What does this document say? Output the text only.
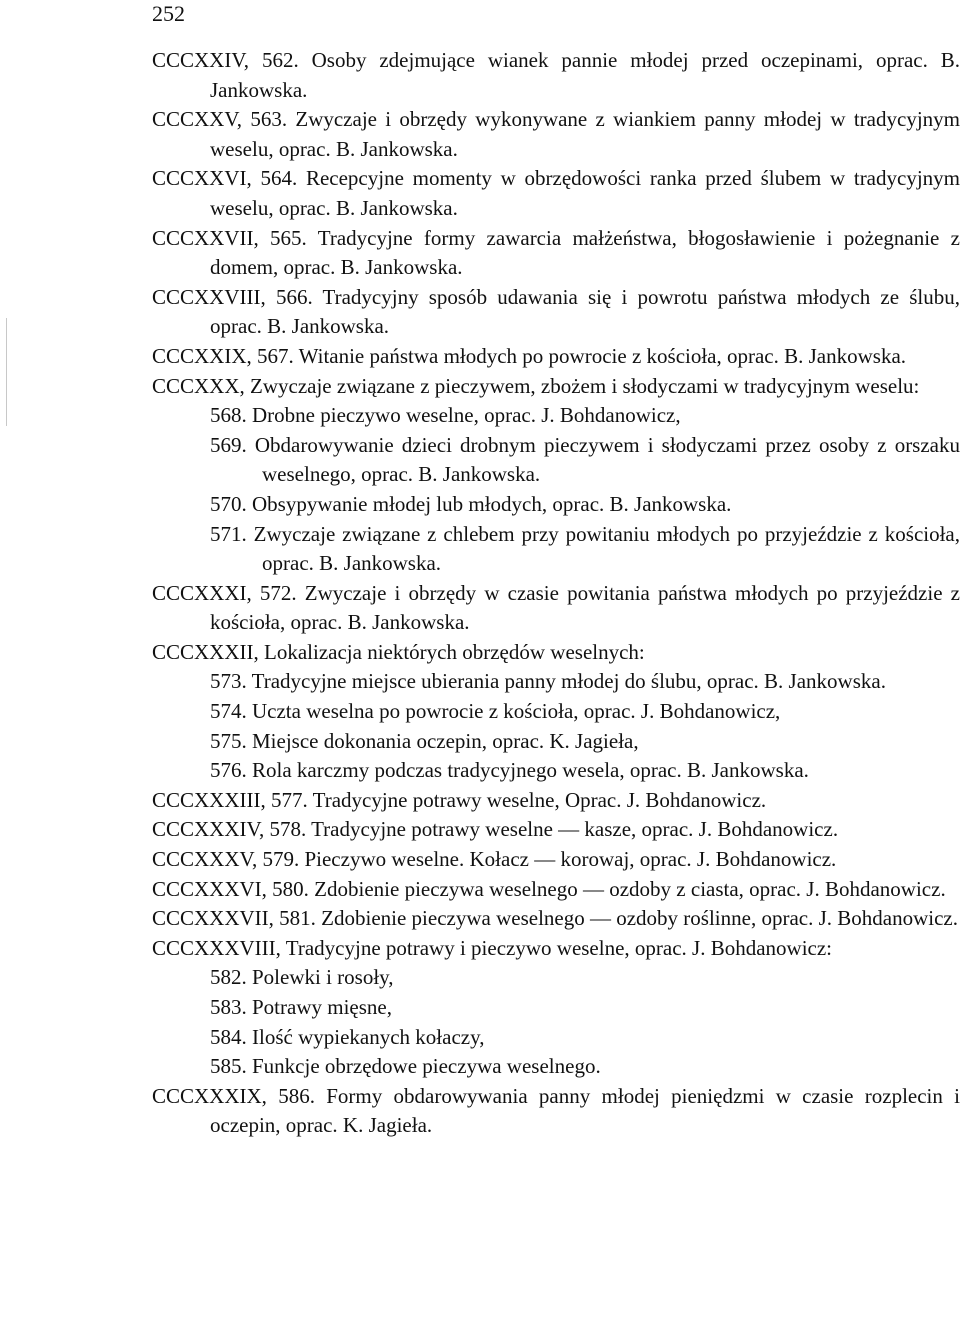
252

CCCXXIV, 562. Osoby zdejmujące wianek pannie młodej przed oczepinami, oprac. B. Jankowska.

CCCXXV, 563. Zwyczaje i obrzędy wykonywane z wiankiem panny młodej w tradycyjnym weselu, oprac. B. Jankowska.

CCCXXVI, 564. Recepcyjne momenty w obrzędowości ranka przed ślubem w tradycyjnym weselu, oprac. B. Jankowska.

CCCXXVII, 565. Tradycyjne formy zawarcia małżeństwa, błogosławienie i pożegnanie z domem, oprac. B. Jankowska.

CCCXXVIII, 566. Tradycyjny sposób udawania się i powrotu państwa młodych ze ślubu, oprac. B. Jankowska.

CCCXXIX, 567. Witanie państwa młodych po powrocie z kościoła, oprac. B. Jankowska.

CCCXXX, Zwyczaje związane z pieczywem, zbożem i słodyczami w tradycyjnym weselu:

568. Drobne pieczywo weselne, oprac. J. Bohdanowicz,

569. Obdarowywanie dzieci drobnym pieczywem i słodyczami przez osoby z orszaku weselnego, oprac. B. Jankowska.

570. Obsypywanie młodej lub młodych, oprac. B. Jankowska.

571. Zwyczaje związane z chlebem przy powitaniu młodych po przyjeździe z kościoła, oprac. B. Jankowska.

CCCXXXI, 572. Zwyczaje i obrzędy w czasie powitania państwa młodych po przyjeździe z kościoła, oprac. B. Jankowska.

CCCXXXII, Lokalizacja niektórych obrzędów weselnych:

573. Tradycyjne miejsce ubierania panny młodej do ślubu, oprac. B. Jankowska.

574. Uczta weselna po powrocie z kościoła, oprac. J. Bohdanowicz,

575. Miejsce dokonania oczepin, oprac. K. Jagieła,

576. Rola karczmy podczas tradycyjnego wesela, oprac. B. Jankowska.

CCCXXXIII, 577. Tradycyjne potrawy weselne, Oprac. J. Bohdanowicz.

CCCXXXIV, 578. Tradycyjne potrawy weselne — kasze, oprac. J. Bohdanowicz.

CCCXXXV, 579. Pieczywo weselne. Kołacz — korowaj, oprac. J. Bohdanowicz.

CCCXXXVI, 580. Zdobienie pieczywa weselnego — ozdoby z ciasta, oprac. J. Bohdanowicz.

CCCXXXVII, 581. Zdobienie pieczywa weselnego — ozdoby roślinne, oprac. J. Bohdanowicz.

CCCXXXVIII, Tradycyjne potrawy i pieczywo weselne, oprac. J. Bohdanowicz:

582. Polewki i rosoły,

583. Potrawy mięsne,

584. Ilość wypiekanych kołaczy,

585. Funkcje obrzędowe pieczywa weselnego.

CCCXXXIX, 586. Formy obdarowywania panny młodej pieniędzmi w czasie rozplecin i oczepin, oprac. K. Jagieła.
